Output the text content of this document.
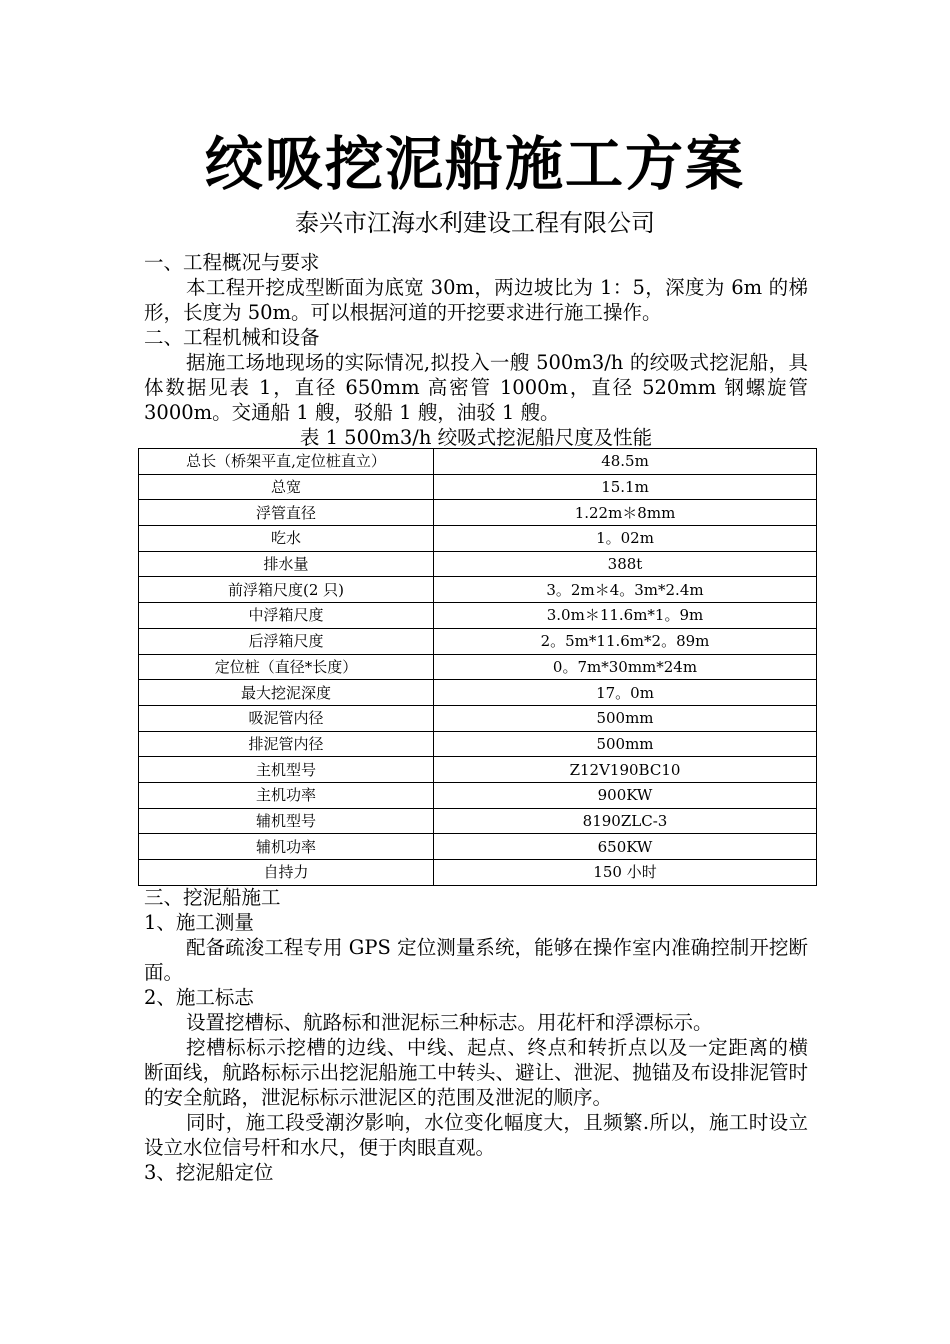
绞吸挖泥船施工方案
泰兴市江海水利建设工程有限公司

一、工程概况与要求

本工程开挖成型断面为底宽 30m，两边坡比为 1：5，深度为 6m 的梯形，长度为 50m。可以根据河道的开挖要求进行施工操作。

二、工程机械和设备

据施工场地现场的实际情况,拟投入一艘 500m3/h 的绞吸式挖泥船，具体数据见表 1，直径 650mm 高密管 1000m，直径 520mm 钢螺旋管 3000m。交通船 1 艘，驳船 1 艘，油驳 1 艘。

表 1 500m3/h 绞吸式挖泥船尺度及性能

总长（桥架平直,定位桩直立）	48.5m
总宽	15.1m
浮管直径	1.22m＊8mm
吃水	1。02m
排水量	388t
前浮箱尺度(2 只)	3。2m＊4。3m*2.4m
中浮箱尺度	3.0m＊11.6m*1。9m
后浮箱尺度	2。5m*11.6m*2。89m
定位桩（直径*长度）	0。7m*30mm*24m
最大挖泥深度	17。0m
吸泥管内径	500mm
排泥管内径	500mm
主机型号	Z12V190BC10
主机功率	900KW
辅机型号	8190ZLC-3
辅机功率	650KW
自持力	150 小时

三、挖泥船施工

1、施工测量

配备疏浚工程专用 GPS 定位测量系统，能够在操作室内准确控制开挖断面。

2、施工标志

设置挖槽标、航路标和泄泥标三种标志。用花杆和浮漂标示。

挖槽标标示挖槽的边线、中线、起点、终点和转折点以及一定距离的横断面线，航路标标示出挖泥船施工中转头、避让、泄泥、抛锚及布设排泥管时的安全航路，泄泥标标示泄泥区的范围及泄泥的顺序。

同时，施工段受潮汐影响，水位变化幅度大，且频繁.所以，施工时设立设立水位信号杆和水尺，便于肉眼直观。

3、挖泥船定位
